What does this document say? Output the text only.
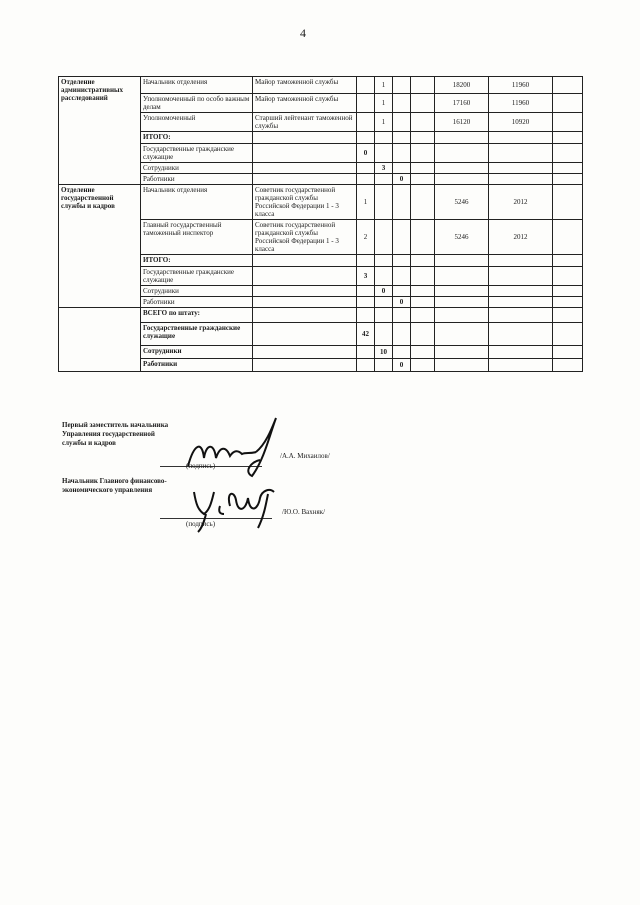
4
Отделение административных расследований	Начальник отделения	Майор таможенной службы		1			18200	11960	
	Уполномоченный по особо важным делам	Майор таможенной службы		1			17160	11960	
	Уполномоченный	Старший лейтенант таможенной службы		1			16120	10920	
	ИТОГО:								
	Государственные гражданские служащие		0						
	Сотрудники			3					
	Работники				0				
Отделение государственной службы и кадров	Начальник отделения	Советник государственной гражданской службы Российской Федерации 1 - 3 класса	1				5246	2012	
	Главный государственный таможенный инспектор	Советник государственной гражданской службы Российской Федерации 1 - 3 класса	2				5246	2012	
	ИТОГО:								
	Государственные гражданские служащие		3						
	Сотрудники			0					
	Работники				0				
	ВСЕГО по штату:								
	Государственные гражданские служащие		42						
	Сотрудники			10					
	Работники				0				
Первый заместитель начальника Управления государственной службы и кадров
(подпись)
/А.А. Михаилов/
Начальник Главного финансово-экономического управления
(подпись)
/Ю.О. Вахняк/
